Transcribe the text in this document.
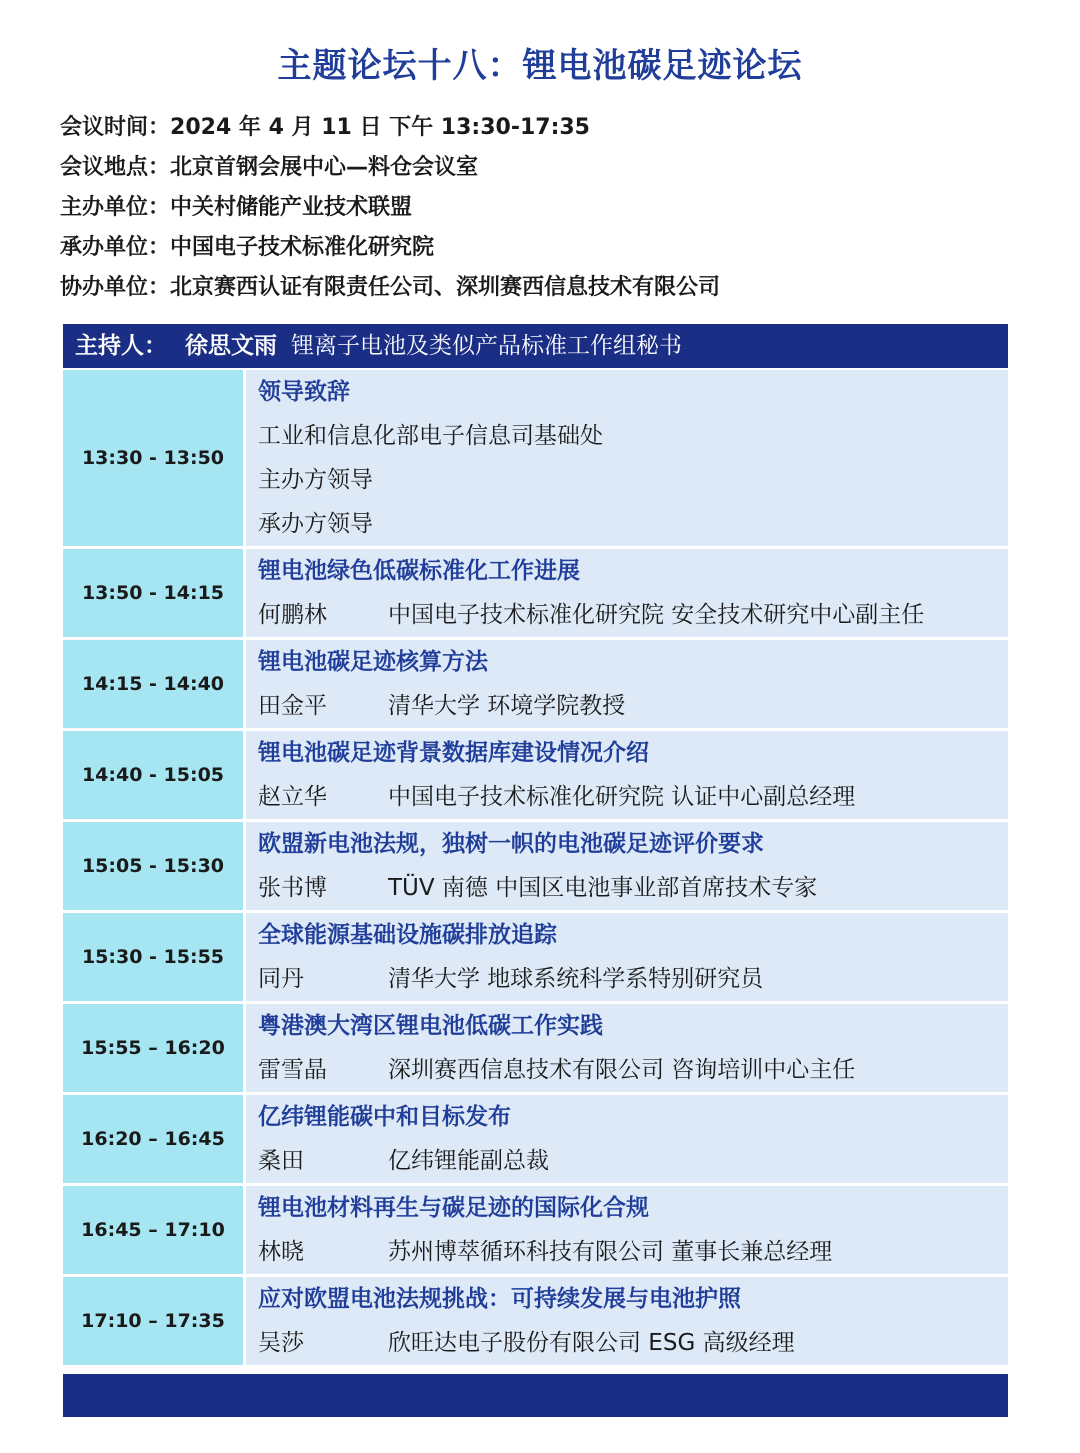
主题论坛十八：锂电池碳足迹论坛
会议时间 ： 2024 年 4 月 11 日 下午 13:30-17:35
会议地点 ： 北京首钢会展中心—料仓会议室
主办单位 ： 中关村储能产业技术联盟
承办单位 ： 中国电子技术标准化研究院
协办单位 ： 北京赛西认证有限责任公司、深圳赛西信息技术有限公司
主持人： 徐思文雨 锂离子电池及类似产品标准工作组秘书
13:30 - 13:50
领导致辞
工业和信息化部电子信息司基础处
主办方领导
承办方领导
13:50 - 14:15
锂电池绿色低碳标准化工作进展
何鹏林	中国电子技术标准化研究院 安全技术研究中心副主任
14:15 - 14:40
锂电池碳足迹核算方法
田金平	清华大学 环境学院教授
14:40 - 15:05
锂电池碳足迹背景数据库建设情况介绍
赵立华	中国电子技术标准化研究院 认证中心副总经理
15:05 - 15:30
欧盟新电池法规，独树一帜的电池碳足迹评价要求
张书博	TÜV 南德 中国区电池事业部首席技术专家
15:30 - 15:55
全球能源基础设施碳排放追踪
同丹	清华大学 地球系统科学系特别研究员
15:55 – 16:20
粤港澳大湾区锂电池低碳工作实践
雷雪晶	深圳赛西信息技术有限公司 咨询培训中心主任
16:20 – 16:45
亿纬锂能碳中和目标发布
桑田	亿纬锂能副总裁
16:45 – 17:10
锂电池材料再生与碳足迹的国际化合规
林晓	苏州博萃循环科技有限公司 董事长兼总经理
17:10 – 17:35
应对欧盟电池法规挑战：可持续发展与电池护照
吴莎	欣旺达电子股份有限公司 ESG 高级经理
